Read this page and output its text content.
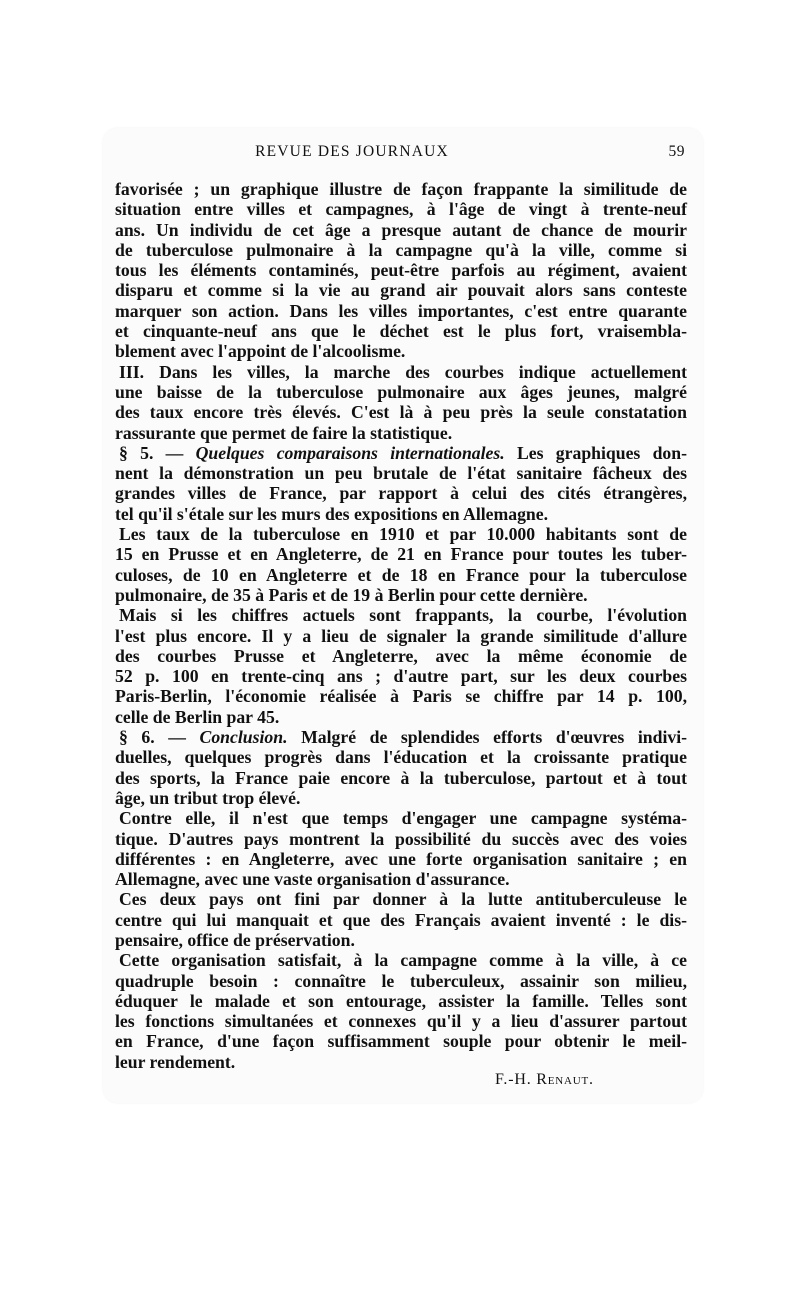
REVUE DES JOURNAUX	59

favorisée ; un graphique illustre de façon frappante la similitude de
situation entre villes et campagnes, à l'âge de vingt à trente-neuf
ans. Un individu de cet âge a presque autant de chance de mourir
de tuberculose pulmonaire à la campagne qu'à la ville, comme si
tous les éléments contaminés, peut-être parfois au régiment, avaient
disparu et comme si la vie au grand air pouvait alors sans conteste
marquer son action. Dans les villes importantes, c'est entre quarante
et cinquante-neuf ans que le déchet est le plus fort, vraisembla-
blement avec l'appoint de l'alcoolisme.

III. Dans les villes, la marche des courbes indique actuellement
une baisse de la tuberculose pulmonaire aux âges jeunes, malgré
des taux encore très élevés. C'est là à peu près la seule constatation
rassurante que permet de faire la statistique.

§ 5. — Quelques comparaisons internationales. Les graphiques don-
nent la démonstration un peu brutale de l'état sanitaire fâcheux des
grandes villes de France, par rapport à celui des cités étrangères,
tel qu'il s'étale sur les murs des expositions en Allemagne.

Les taux de la tuberculose en 1910 et par 10.000 habitants sont de
15 en Prusse et en Angleterre, de 21 en France pour toutes les tuber-
culoses, de 10 en Angleterre et de 18 en France pour la tuberculose
pulmonaire, de 35 à Paris et de 19 à Berlin pour cette dernière.

Mais si les chiffres actuels sont frappants, la courbe, l'évolution
l'est plus encore. Il y a lieu de signaler la grande similitude d'allure
des courbes Prusse et Angleterre, avec la même économie de
52 p. 100 en trente-cinq ans ; d'autre part, sur les deux courbes
Paris-Berlin, l'économie réalisée à Paris se chiffre par 14 p. 100,
celle de Berlin par 45.

§ 6. — Conclusion. Malgré de splendides efforts d'œuvres indivi-
duelles, quelques progrès dans l'éducation et la croissante pratique
des sports, la France paie encore à la tuberculose, partout et à tout
âge, un tribut trop élevé.

Contre elle, il n'est que temps d'engager une campagne systéma-
tique. D'autres pays montrent la possibilité du succès avec des voies
différentes : en Angleterre, avec une forte organisation sanitaire ; en
Allemagne, avec une vaste organisation d'assurance.

Ces deux pays ont fini par donner à la lutte antituberculeuse le
centre qui lui manquait et que des Français avaient inventé : le dis-
pensaire, office de préservation.

Cette organisation satisfait, à la campagne comme à la ville, à ce
quadruple besoin : connaître le tuberculeux, assainir son milieu,
éduquer le malade et son entourage, assister la famille. Telles sont
les fonctions simultanées et connexes qu'il y a lieu d'assurer partout
en France, d'une façon suffisamment souple pour obtenir le meil-
leur rendement.

F.-H. Renaut.
